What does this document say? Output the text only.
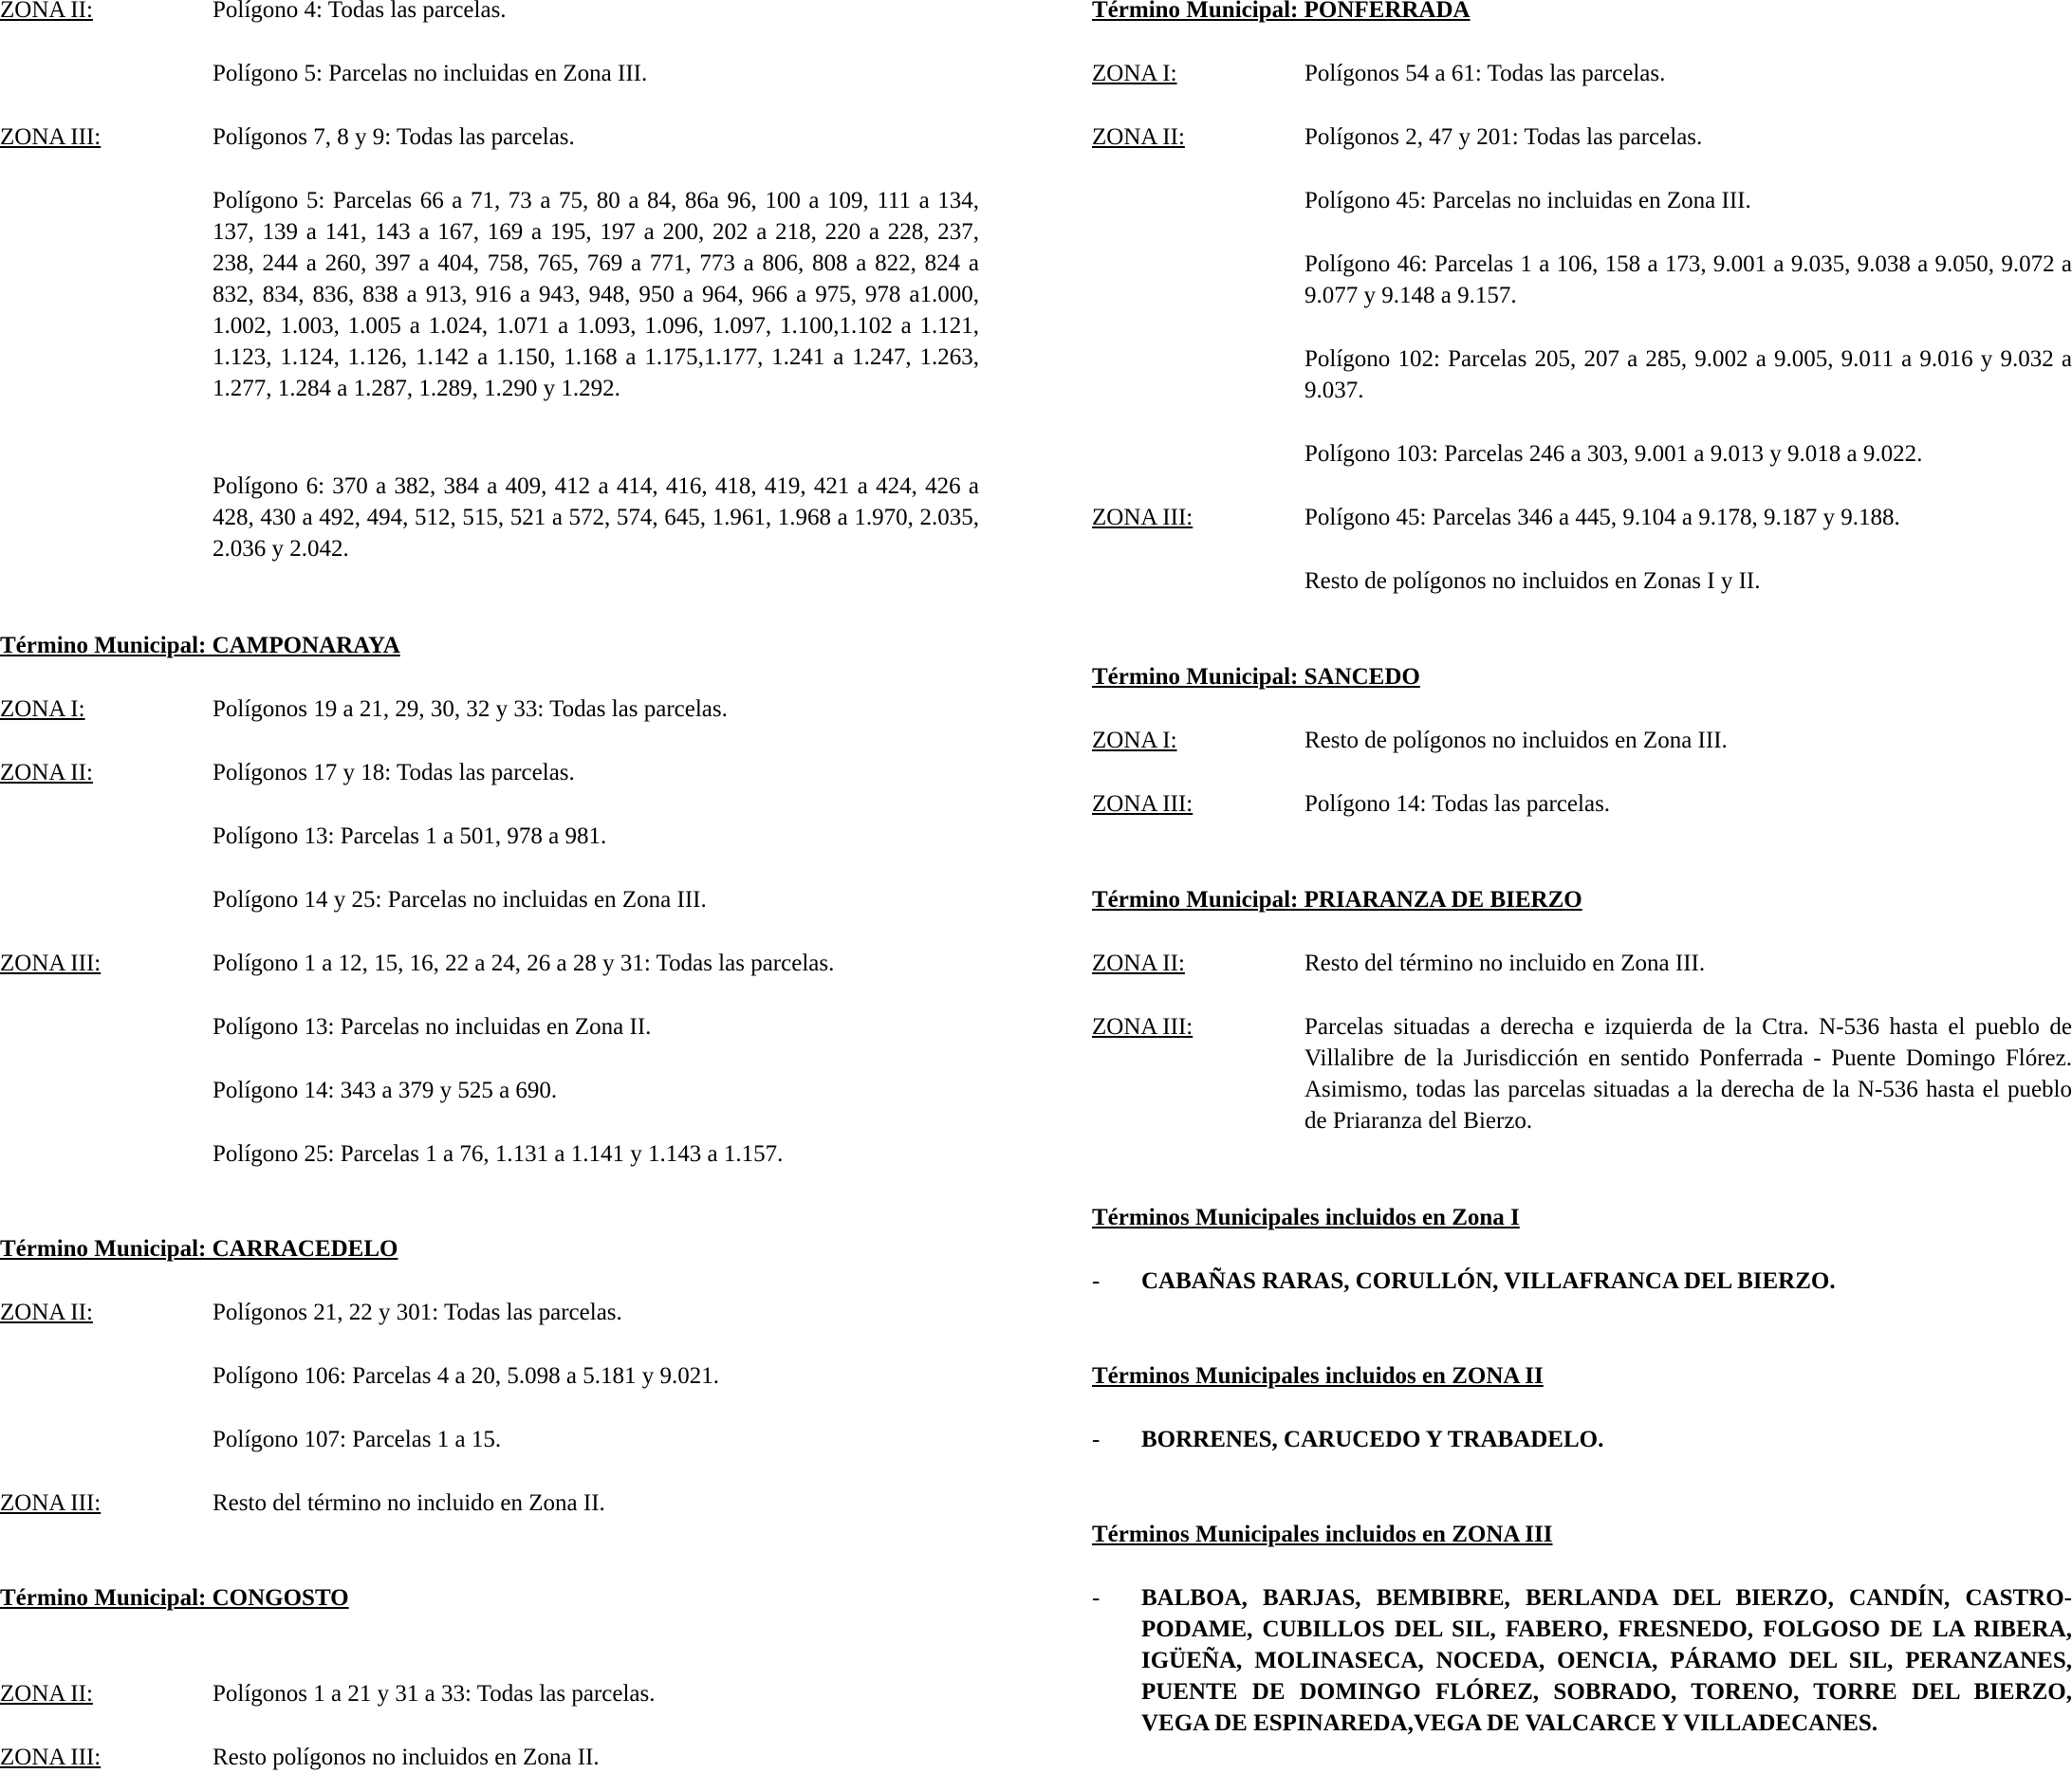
ZONA II:	Polígono 4: Todas las parcelas.
Polígono 5: Parcelas no incluidas en Zona III.
ZONA III:	Polígonos 7, 8 y 9: Todas las parcelas.
Polígono 5: Parcelas 66 a 71, 73 a 75, 80 a 84, 86a 96, 100 a 109, 111 a 134, 137, 139 a 141, 143 a 167, 169 a 195, 197 a 200, 202 a 218, 220 a 228, 237, 238, 244 a 260, 397 a 404, 758, 765, 769 a 771, 773 a 806, 808 a 822, 824 a 832, 834, 836, 838 a 913, 916 a 943, 948, 950 a 964, 966 a 975, 978 a1.000, 1.002, 1.003, 1.005 a 1.024, 1.071 a 1.093, 1.096, 1.097, 1.100,1.102 a 1.121, 1.123, 1.124, 1.126, 1.142 a 1.150, 1.168 a 1.175,1.177, 1.241 a 1.247, 1.263, 1.277, 1.284 a 1.287, 1.289, 1.290 y 1.292.
Polígono 6: 370 a 382, 384 a 409, 412 a 414, 416, 418, 419, 421 a 424, 426 a 428, 430 a 492, 494, 512, 515, 521 a 572, 574, 645, 1.961, 1.968 a 1.970, 2.035, 2.036 y 2.042.
Término Municipal: CAMPONARAYA
ZONA I:	Polígonos 19 a 21, 29, 30, 32 y 33: Todas las parcelas.
ZONA II:	Polígonos 17 y 18: Todas las parcelas.
Polígono 13: Parcelas 1 a 501, 978 a 981.
Polígono 14 y 25: Parcelas no incluidas en Zona III.
ZONA III:	Polígono 1 a 12, 15, 16, 22 a 24, 26 a 28 y 31: Todas las parcelas.
Polígono 13: Parcelas no incluidas en Zona II.
Polígono 14: 343 a 379 y 525 a 690.
Polígono 25: Parcelas 1 a 76, 1.131 a 1.141 y 1.143 a 1.157.
Término Municipal: CARRACEDELO
ZONA II:	Polígonos 21, 22 y 301: Todas las parcelas.
Polígono 106: Parcelas 4 a 20, 5.098 a 5.181 y 9.021.
Polígono 107: Parcelas 1 a 15.
ZONA III:	Resto del término no incluido en Zona II.
Término Municipal: CONGOSTO
ZONA II:	Polígonos 1 a 21 y 31 a 33: Todas las parcelas.
ZONA III:	Resto polígonos no incluidos en Zona II.
Término Municipal: PONFERRADA
ZONA I:	Polígonos 54 a 61: Todas las parcelas.
ZONA II:	Polígonos 2, 47 y 201: Todas las parcelas.
Polígono 45: Parcelas no incluidas en Zona III.
Polígono 46: Parcelas 1 a 106, 158 a 173, 9.001 a 9.035, 9.038 a 9.050, 9.072 a 9.077 y 9.148 a 9.157.
Polígono 102: Parcelas 205, 207 a 285, 9.002 a 9.005, 9.011 a 9.016 y 9.032 a 9.037.
Polígono 103: Parcelas 246 a 303, 9.001 a 9.013 y 9.018 a 9.022.
ZONA III:	Polígono 45: Parcelas 346 a 445, 9.104 a 9.178, 9.187 y 9.188.
Resto de polígonos no incluidos en Zonas I y II.
Término Municipal: SANCEDO
ZONA I:	Resto de polígonos no incluidos en Zona III.
ZONA III:	Polígono 14: Todas las parcelas.
Término Municipal: PRIARANZA DE BIERZO
ZONA II:	Resto del término no incluido en Zona III.
ZONA III:	Parcelas situadas a derecha e izquierda de la Ctra. N-536 hasta el pueblo de Villalibre de la Jurisdicción en sentido Ponferrada - Puente Domingo Flórez. Asimismo, todas las parcelas situadas a la derecha de la N-536 hasta el pueblo de Priaranza del Bierzo.
Términos Municipales incluidos en Zona I
- CABAÑAS RARAS, CORULLÓN, VILLAFRANCA DEL BIERZO.
Términos Municipales incluidos en ZONA II
- BORRENES, CARUCEDO Y TRABADELO.
Términos Municipales incluidos en ZONA III
- BALBOA, BARJAS, BEMBIBRE, BERLANDA DEL BIERZO, CANDÍN, CASTRO-PODAME, CUBILLOS DEL SIL, FABERO, FRESNEDO, FOLGOSO DE LA RIBERA, IGÜEÑA, MOLINASECA, NOCEDA, OENCIA, PÁRAMO DEL SIL, PERANZANES, PUENTE DE DOMINGO FLÓREZ, SOBRADO, TORENO, TORRE DEL BIERZO, VEGA DE ESPINAREDA,VEGA DE VALCARCE Y VILLADECANES.
